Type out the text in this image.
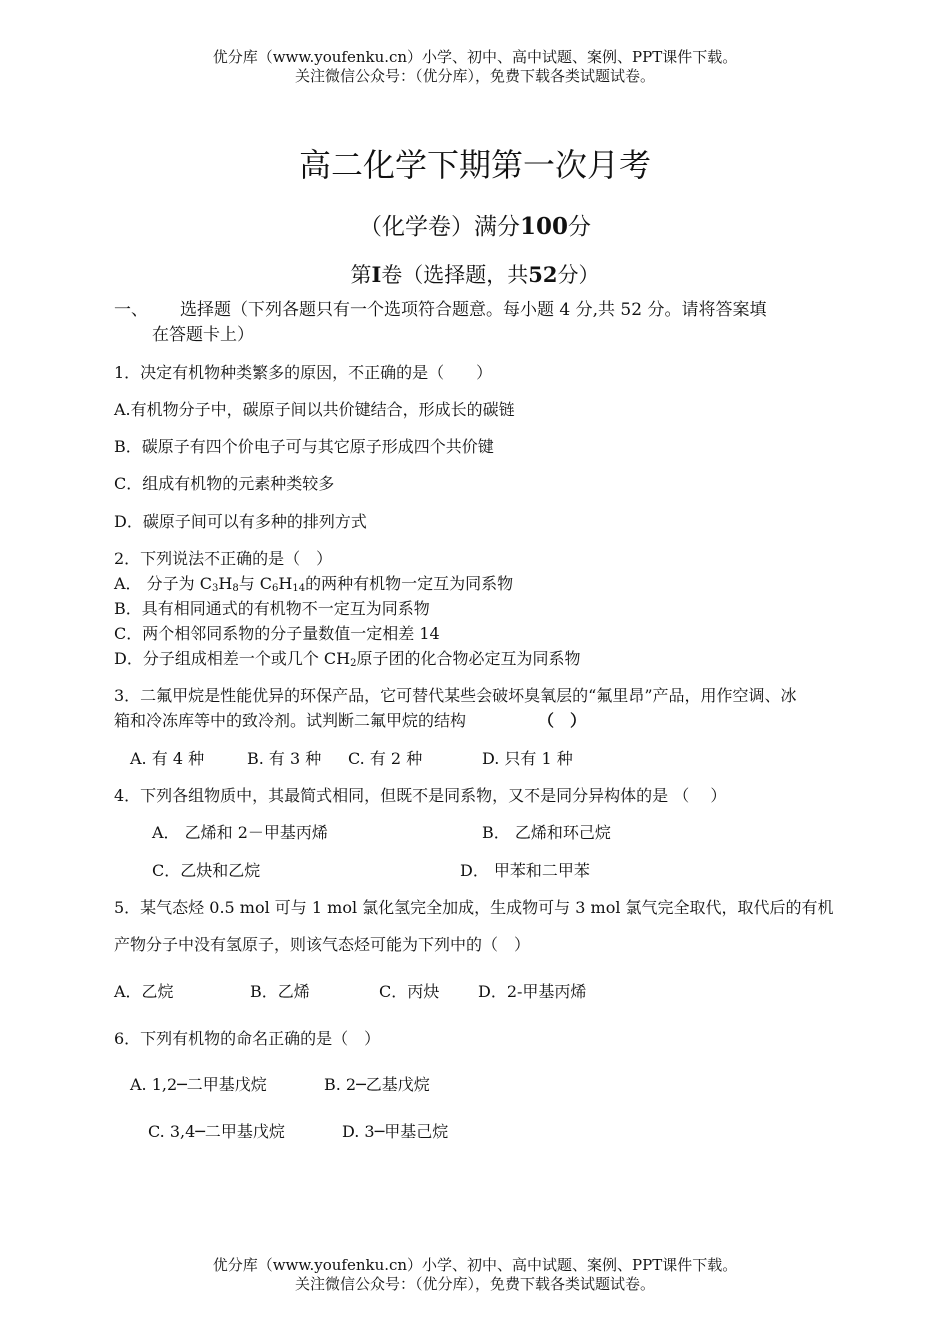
优分库（www.youfenku.cn）小学、初中、高中试题、案例、PPT课件下载。
关注微信公众号：（优分库），免费下载各类试题试卷。
高二化学下期第一次月考
（化学卷）满分100分
第I卷（选择题，共52分）
一、 选择题（下列各题只有一个选项符合题意。每小题 4 分,共 52 分。请将答案填
在答题卡上）
1．决定有机物种类繁多的原因，不正确的是（　　）
A.有机物分子中，碳原子间以共价键结合，形成长的碳链
B．碳原子有四个价电子可与其它原子形成四个共价键
C．组成有机物的元素种类较多
D．碳原子间可以有多种的排列方式
2．下列说法不正确的是（　）
A． 分子为 $C_3H_8$与 $C_6H_{14}$的两种有机物一定互为同系物
B．具有相同通式的有机物不一定互为同系物
C．两个相邻同系物的分子量数值一定相差 14
D．分子组成相差一个或几个 $CH_2$原子团的化合物必定互为同系物
3．二氟甲烷是性能优异的环保产品，它可替代某些会破坏臭氧层的“氟里昂”产品，用作空调、冰
箱和冷冻库等中的致冷剂。试判断二氟甲烷的结构	（　）
A. 有 4 种	B. 有 3 种 C. 有 2 种	D. 只有 1 种
4．下列各组物质中，其最简式相同，但既不是同系物，又不是同分异构体的是 （　 ）
A． 乙烯和 2－甲基丙烯	B． 乙烯和环己烷
C．乙炔和乙烷	D． 甲苯和二甲苯
5．某气态烃 0.5 mol 可与 1 mol 氯化氢完全加成，生成物可与 3 mol 氯气完全取代，取代后的有机
产物分子中没有氢原子，则该气态烃可能为下列中的（　）
A．乙烷	B．乙烯	C．丙炔 D．2-甲基丙烯
6．下列有机物的命名正确的是（　）
A. 1,2─二甲基戊烷	B. 2─乙基戊烷
C. 3,4─二甲基戊烷	D. 3─甲基己烷
优分库（www.youfenku.cn）小学、初中、高中试题、案例、PPT课件下载。
关注微信公众号：（优分库），免费下载各类试题试卷。
